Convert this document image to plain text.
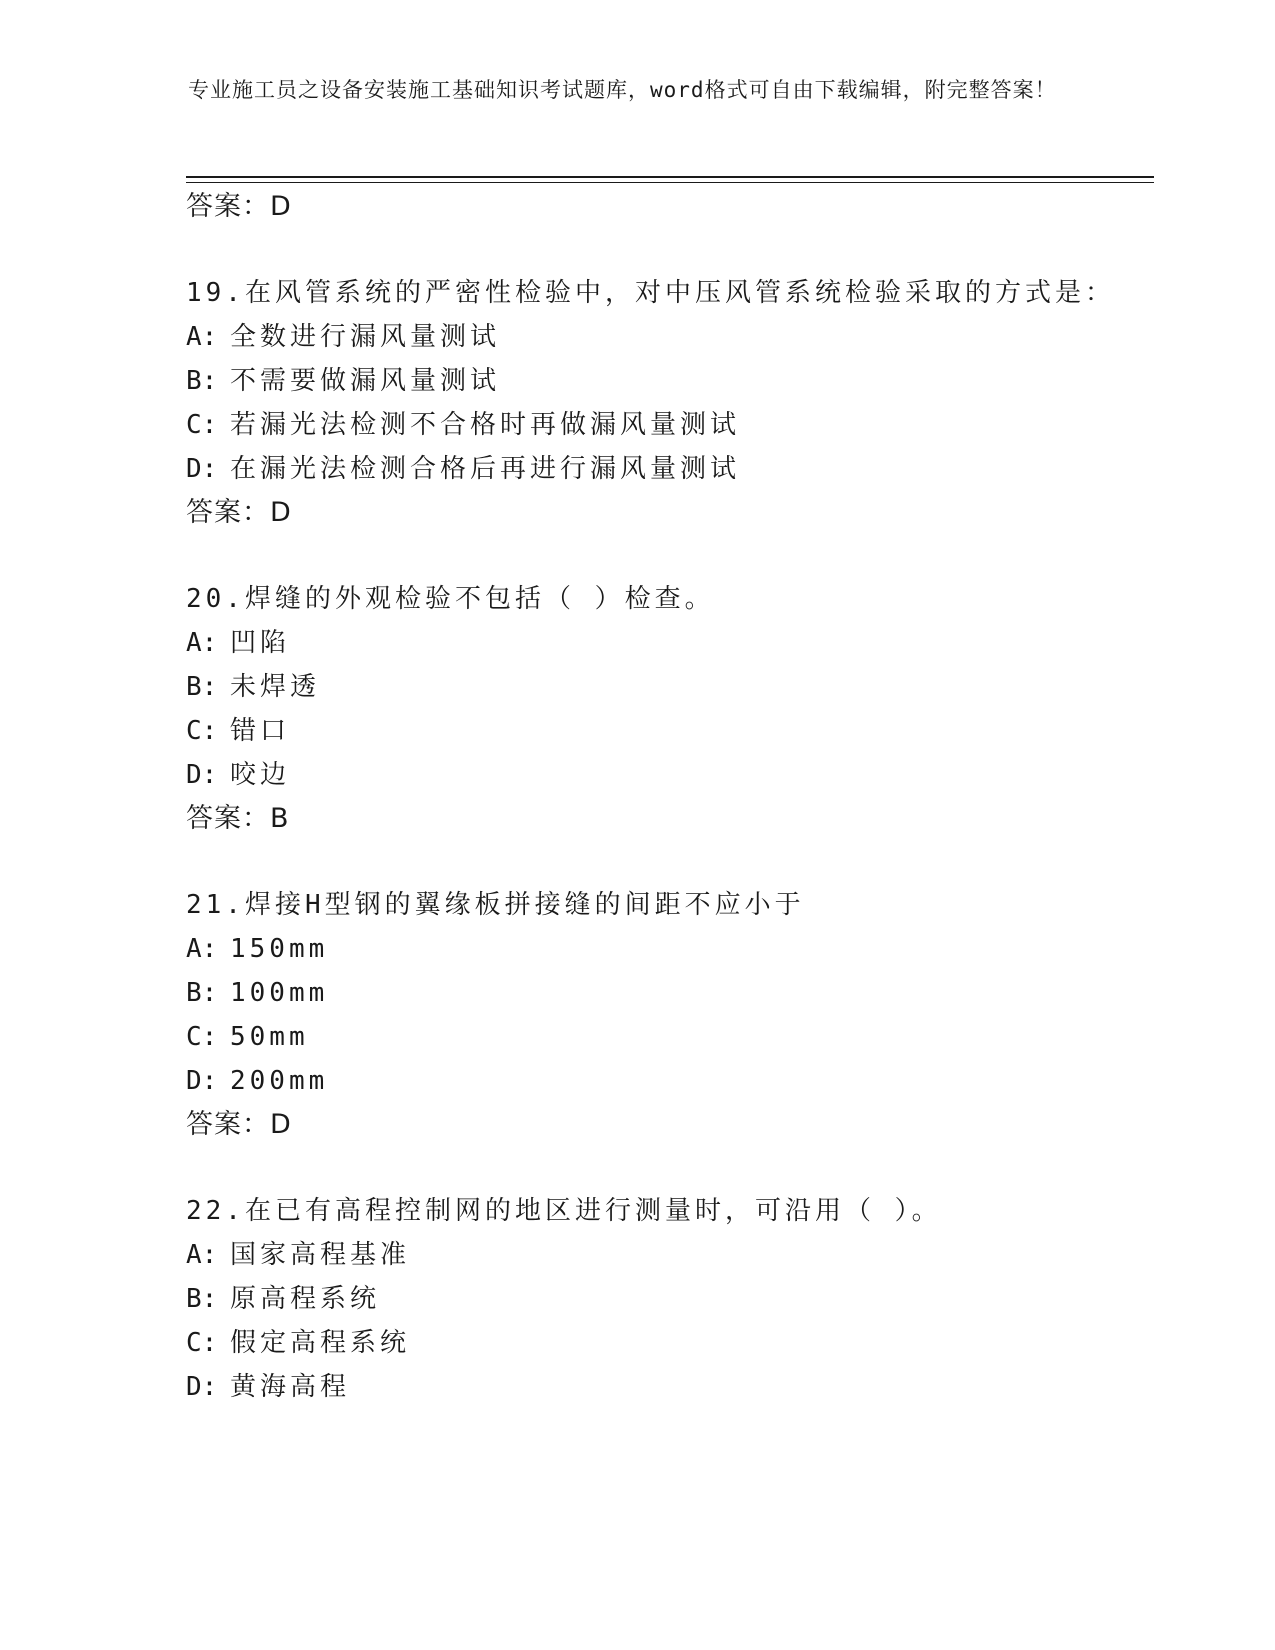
专业施工员之设备安装施工基础知识考试题库，word格式可自由下载编辑，附完整答案！
答案：D
19.在风管系统的严密性检验中，对中压风管系统检验采取的方式是：
A: 全数进行漏风量测试
B: 不需要做漏风量测试
C: 若漏光法检测不合格时再做漏风量测试
D: 在漏光法检测合格后再进行漏风量测试
答案：D
20.焊缝的外观检验不包括（ ）检查。
A: 凹陷
B: 未焊透
C: 错口
D: 咬边
答案：B
21.焊接H型钢的翼缘板拼接缝的间距不应小于
A: 150mm
B: 100mm
C: 50mm
D: 200mm
答案：D
22.在已有高程控制网的地区进行测量时，可沿用（ ）。
A: 国家高程基准
B: 原高程系统
C: 假定高程系统
D: 黄海高程
